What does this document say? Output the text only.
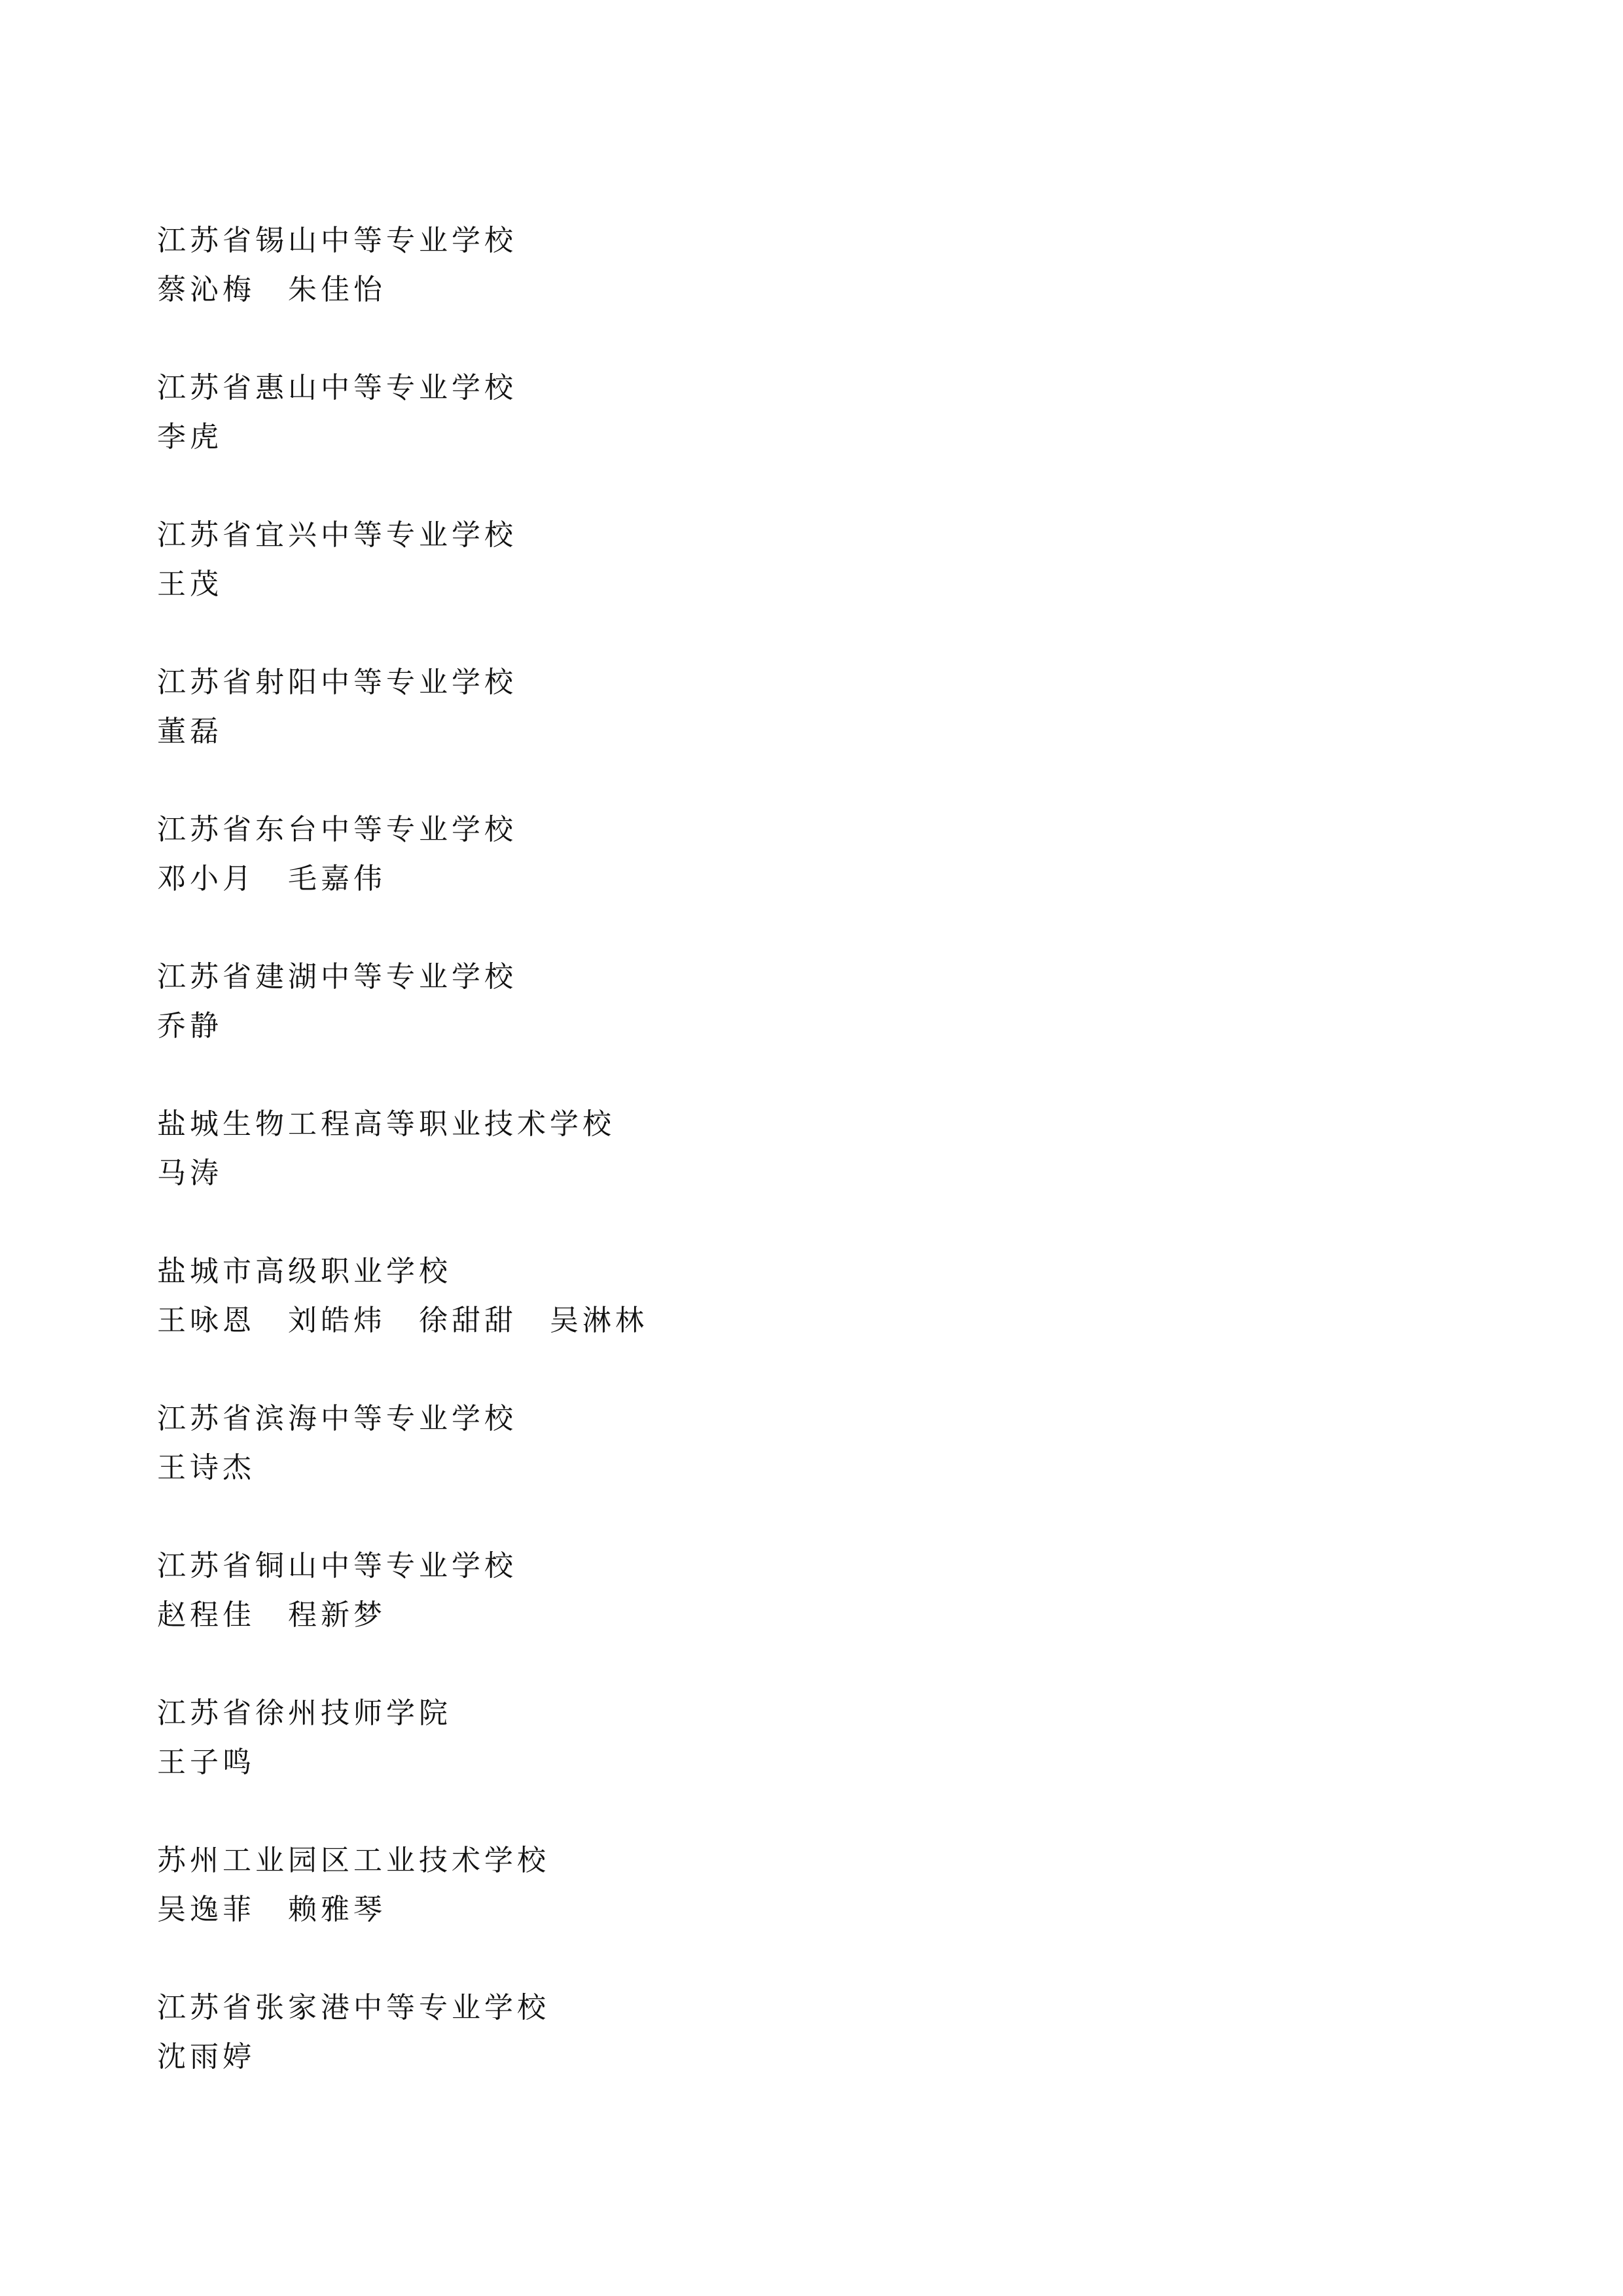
江苏省锡山中等专业学校
蔡沁梅 朱佳怡
江苏省惠山中等专业学校
李虎
江苏省宜兴中等专业学校
王茂
江苏省射阳中等专业学校
董磊
江苏省东台中等专业学校
邓小月 毛嘉伟
江苏省建湖中等专业学校
乔静
盐城生物工程高等职业技术学校
马涛
盐城市高级职业学校
王咏恩 刘皓炜 徐甜甜 吴淋林
江苏省滨海中等专业学校
王诗杰
江苏省铜山中等专业学校
赵程佳 程新梦
江苏省徐州技师学院
王子鸣
苏州工业园区工业技术学校
吴逸菲 赖雅琴
江苏省张家港中等专业学校
沈雨婷
